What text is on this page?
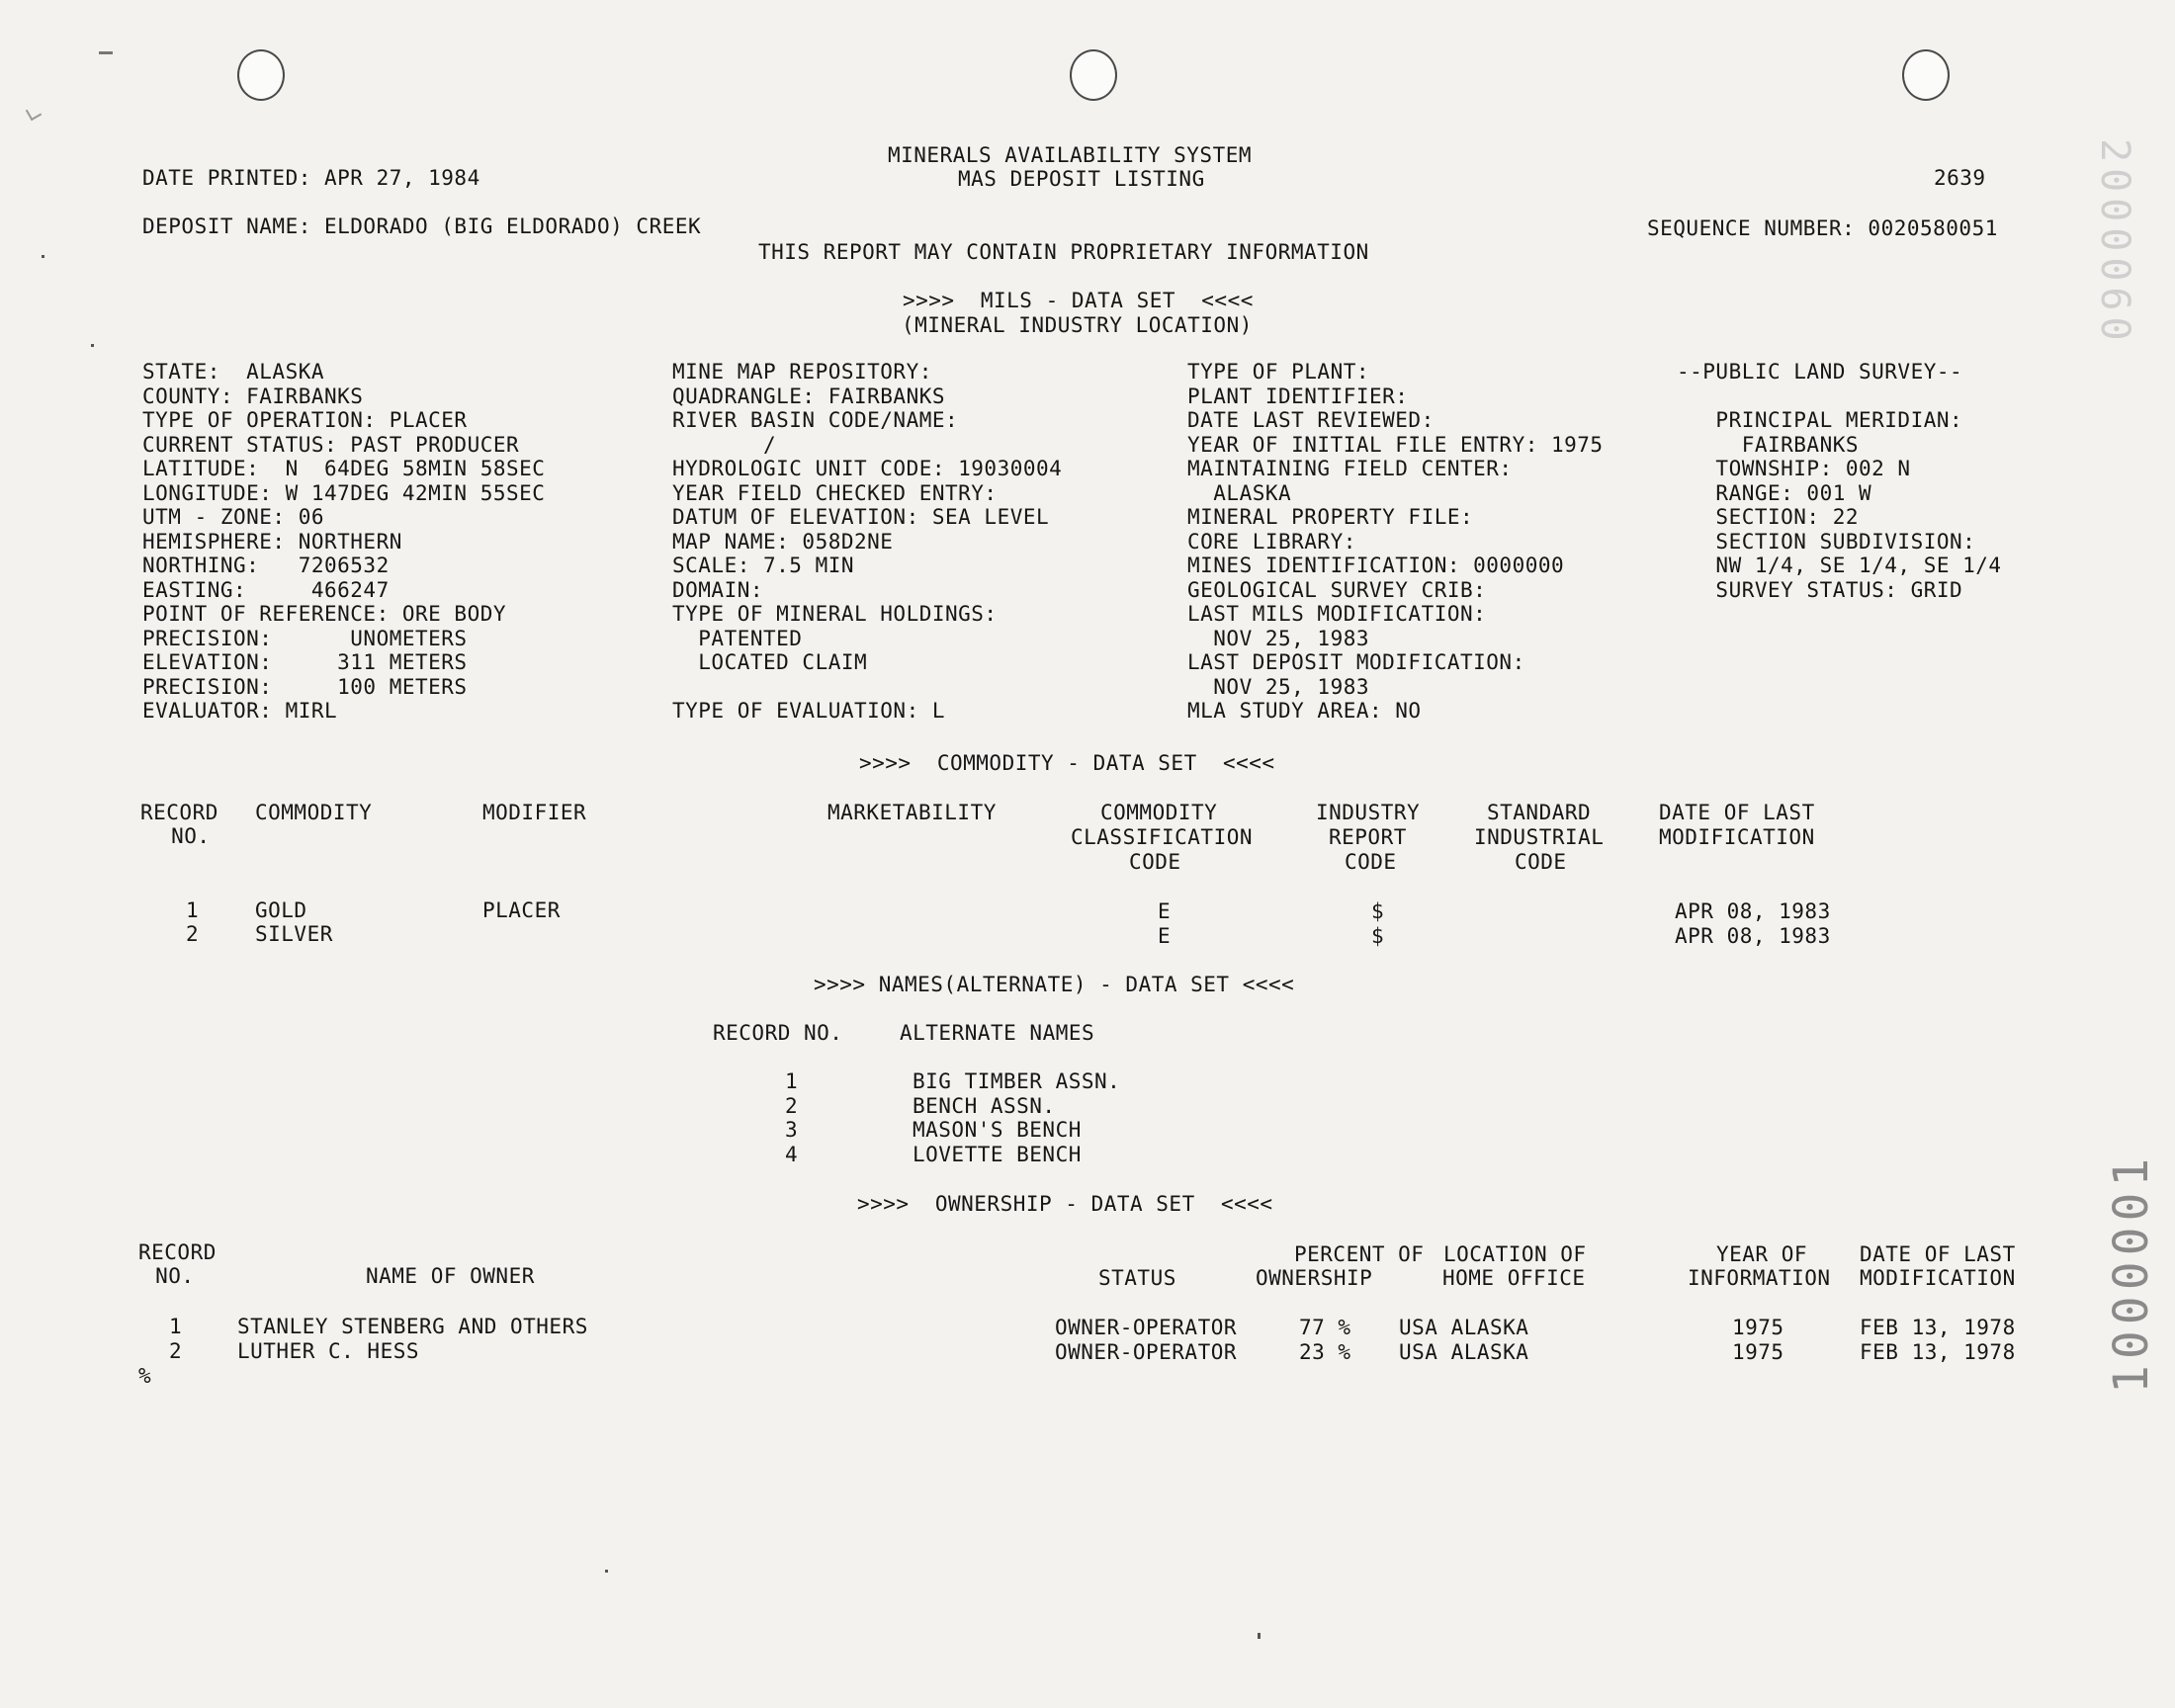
2000060
1000001
MINERALS AVAILABILITY SYSTEM
MAS DEPOSIT LISTING
DATE PRINTED: APR 27, 1984	2639
DEPOSIT NAME: ELDORADO (BIG ELDORADO) CREEK	SEQUENCE NUMBER: 0020580051
THIS REPORT MAY CONTAIN PROPRIETARY INFORMATION
>>>>  MILS - DATA SET  <<<<
(MINERAL INDUSTRY LOCATION)
STATE:  ALASKA
COUNTY: FAIRBANKS
TYPE OF OPERATION: PLACER
CURRENT STATUS: PAST PRODUCER
LATITUDE:  N  64DEG 58MIN 58SEC
LONGITUDE: W 147DEG 42MIN 55SEC
UTM - ZONE: 06
HEMISPHERE: NORTHERN
NORTHING:   7206532
EASTING:     466247
POINT OF REFERENCE: ORE BODY
PRECISION:      UNOMETERS
ELEVATION:     311 METERS
PRECISION:     100 METERS
EVALUATOR: MIRL
MINE MAP REPOSITORY:
QUADRANGLE: FAIRBANKS
RIVER BASIN CODE/NAME:
/
HYDROLOGIC UNIT CODE: 19030004
YEAR FIELD CHECKED ENTRY:
DATUM OF ELEVATION: SEA LEVEL
MAP NAME: 058D2NE
SCALE: 7.5 MIN
DOMAIN:
TYPE OF MINERAL HOLDINGS:
PATENTED
LOCATED CLAIM
TYPE OF EVALUATION: L
TYPE OF PLANT:
PLANT IDENTIFIER:
DATE LAST REVIEWED:
YEAR OF INITIAL FILE ENTRY: 1975
MAINTAINING FIELD CENTER:
ALASKA
MINERAL PROPERTY FILE:
CORE LIBRARY:
MINES IDENTIFICATION: 0000000
GEOLOGICAL SURVEY CRIB:
LAST MILS MODIFICATION:
NOV 25, 1983
LAST DEPOSIT MODIFICATION:
NOV 25, 1983
MLA STUDY AREA: NO
--PUBLIC LAND SURVEY--
PRINCIPAL MERIDIAN:
FAIRBANKS
TOWNSHIP: 002 N
RANGE: 001 W
SECTION: 22
SECTION SUBDIVISION:
NW 1/4, SE 1/4, SE 1/4
SURVEY STATUS: GRID
>>>>  COMMODITY - DATA SET  <<<<
RECORD
NO.
COMMODITY	MODIFIER	MARKETABILITY	COMMODITY
CLASSIFICATION
CODE
INDUSTRY
REPORT
CODE
STANDARD
INDUSTRIAL
CODE
DATE OF LAST
MODIFICATION
1	GOLD	PLACER	E	$	APR 08, 1983
2	SILVER	E	$	APR 08, 1983
>>>> NAMES(ALTERNATE) - DATA SET <<<<
RECORD NO.	ALTERNATE NAMES
1	BIG TIMBER ASSN.
2	BENCH ASSN.
3	MASON'S BENCH
4	LOVETTE BENCH
>>>>  OWNERSHIP - DATA SET  <<<<
RECORD
NO.	NAME OF OWNER	STATUS
PERCENT OF
OWNERSHIP
LOCATION OF
HOME OFFICE
YEAR OF
INFORMATION
DATE OF LAST
MODIFICATION
1	STANLEY STENBERG AND OTHERS	OWNER-OPERATOR	77 % USA ALASKA	1975	FEB 13, 1978
2	LUTHER C. HESS	OWNER-OPERATOR	23 % USA ALASKA	1975	FEB 13, 1978
%
